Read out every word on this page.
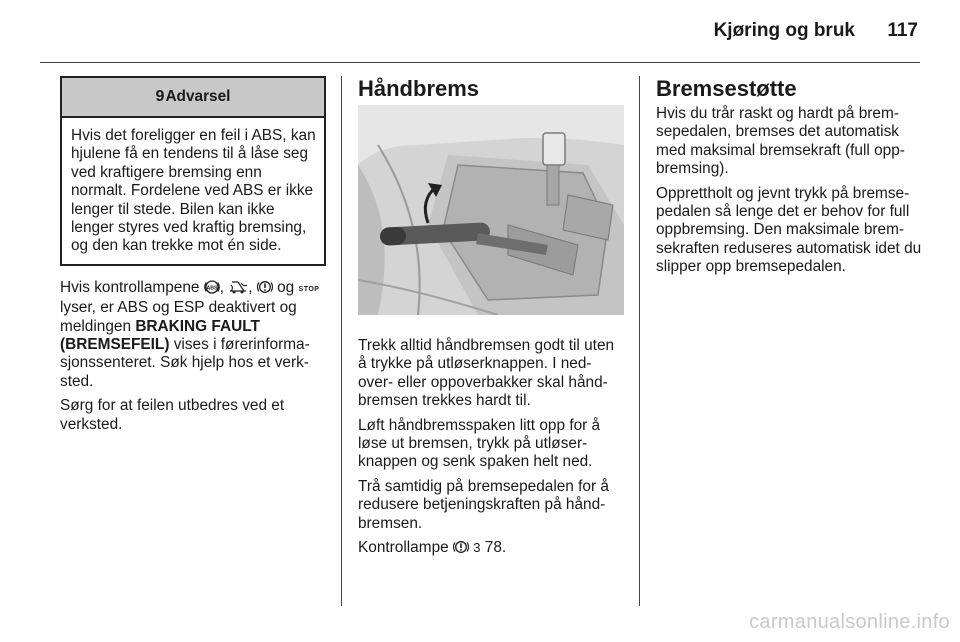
Kjøring og bruk 117
9 Advarsel
Hvis det foreligger en feil i ABS, kan hjulene få en tendens til å låse seg ved kraftigere bremsing enn normalt. Fordelene ved ABS er ikke lenger til stede. Bilen kan ikke lenger styres ved kraftig bremsing, og den kan trekke mot én side.

Hvis kontrollampene ABS , , og STOP lyser, er ABS og ESP deaktivert og meldingen BRAKING FAULT (BREMSEFEIL) vises i førerinforma-sjonssenteret. Søk hjelp hos et verk-sted.

Sørg for at feilen utbedres ved et verksted.

Håndbrems

Trekk alltid håndbremsen godt til uten å trykke på utløserknappen. I ned-over- eller oppoverbakker skal hånd-bremsen trekkes hardt til.

Løft håndbremsspaken litt opp for å løse ut bremsen, trykk på utløser-knappen og senk spaken helt ned.

Trå samtidig på bremsepedalen for å redusere betjeningskraften på hånd-bremsen.

Kontrollampe 3 78.

Bremsestøtte

Hvis du trår raskt og hardt på brem-sepedalen, bremses det automatisk med maksimal bremsekraft (full opp-bremsing).

Opprettholt og jevnt trykk på bremse-pedalen så lenge det er behov for full oppbremsing. Den maksimale brem-sekraften reduseres automatisk idet du slipper opp bremsepedalen.

carmanualsonline.info
